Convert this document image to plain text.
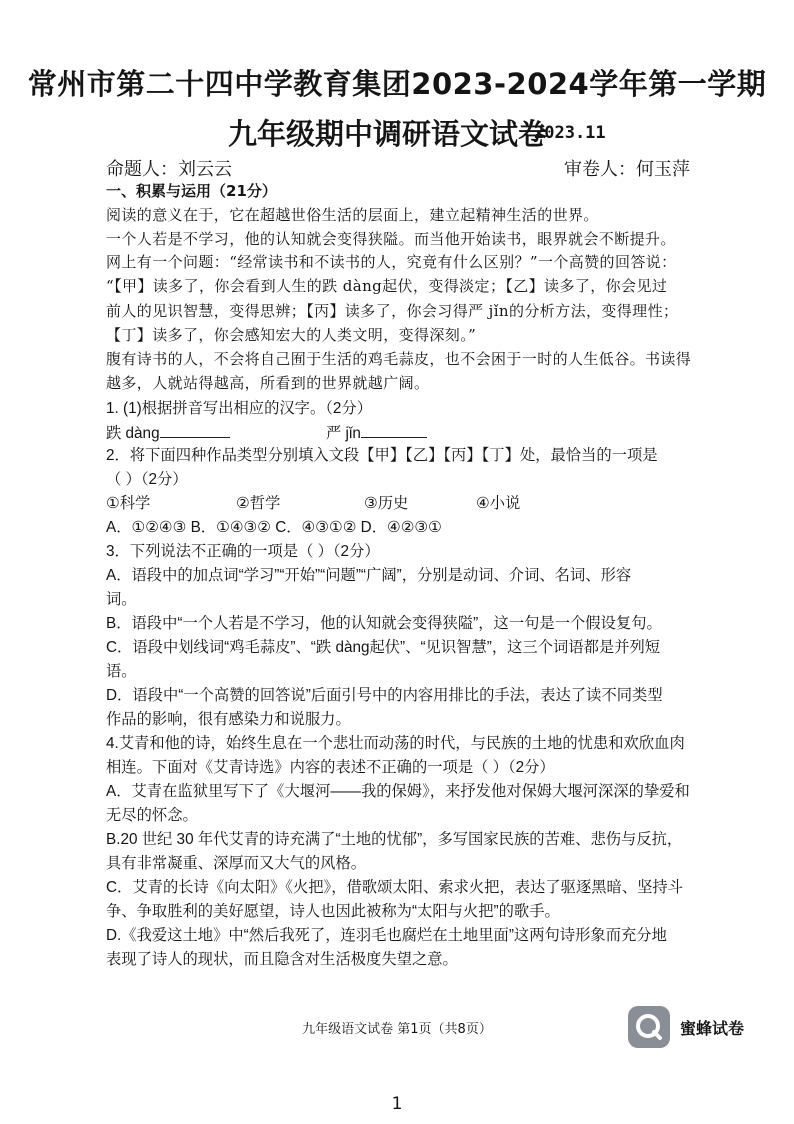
常州市第二十四中学教育集团2023-2024学年第一学期
九年级期中调研语文试卷
2023.11
命题人：刘云云	审卷人：何玉萍
一、积累与运用（21分）
阅读的意义在于，它在超越世俗生活的层面上，建立起精神生活的世界。
一个人若是不学习，他的认知就会变得狭隘。而当他开始读书，眼界就会不断提升。
网上有一个问题：“经常读书和不读书的人，究竟有什么区别？”一个高赞的回答说：
“【甲】读多了，你会看到人生的跌 dàng起伏，变得淡定；【乙】读多了，你会见过
前人的见识智慧，变得思辨；【丙】读多了，你会习得严 jǐn的分析方法，变得理性；
【丁】读多了，你会感知宏大的人类文明，变得深刻。”
腹有诗书的人，不会将自己囿于生活的鸡毛蒜皮，也不会困于一时的人生低谷。书读得
越多，人就站得越高，所看到的世界就越广阔。
1. (1)根据拼音写出相应的汉字。（2分）
跌 dàng	严 jǐn
2．将下面四种作品类型分别填入文段【甲】【乙】【丙】【丁】处，最恰当的一项是
（ ）（2分）
①科学	②哲学	③历史	④小说
A．①②④③ B．①④③② C．④③①② D．④②③①
3．下列说法不正确的一项是（ ）（2分）
A．语段中的加点词“学习”“开始”“问题”“广阔”，分别是动词、介词、名词、形容
词。
B．语段中“一个人若是不学习，他的认知就会变得狭隘”，这一句是一个假设复句。
C．语段中划线词“鸡毛蒜皮”、“跌 dàng起伏”、“见识智慧”，这三个词语都是并列短
语。
D．语段中“一个高赞的回答说”后面引号中的内容用排比的手法，表达了读不同类型
作品的影响，很有感染力和说服力。
4.艾青和他的诗，始终生息在一个悲壮而动荡的时代，与民族的土地的忧患和欢欣血肉
相连。下面对《艾青诗选》内容的表述不正确的一项是（ ）（2分）
A．艾青在监狱里写下了《大堰河——我的保姆》，来抒发他对保姆大堰河深深的挚爱和
无尽的怀念。
B.20 世纪 30 年代艾青的诗充满了“土地的忧郁”，多写国家民族的苦难、悲伤与反抗，
具有非常凝重、深厚而又大气的风格。
C．艾青的长诗《向太阳》《火把》，借歌颂太阳、索求火把，表达了驱逐黑暗、坚持斗
争、争取胜利的美好愿望，诗人也因此被称为“太阳与火把”的歌手。
D.《我爱这土地》中“然后我死了，连羽毛也腐烂在土地里面”这两句诗形象而充分地
表现了诗人的现状，而且隐含对生活极度失望之意。
九年级语文试卷 第1页（共8页）	蜜蜂试卷
1
